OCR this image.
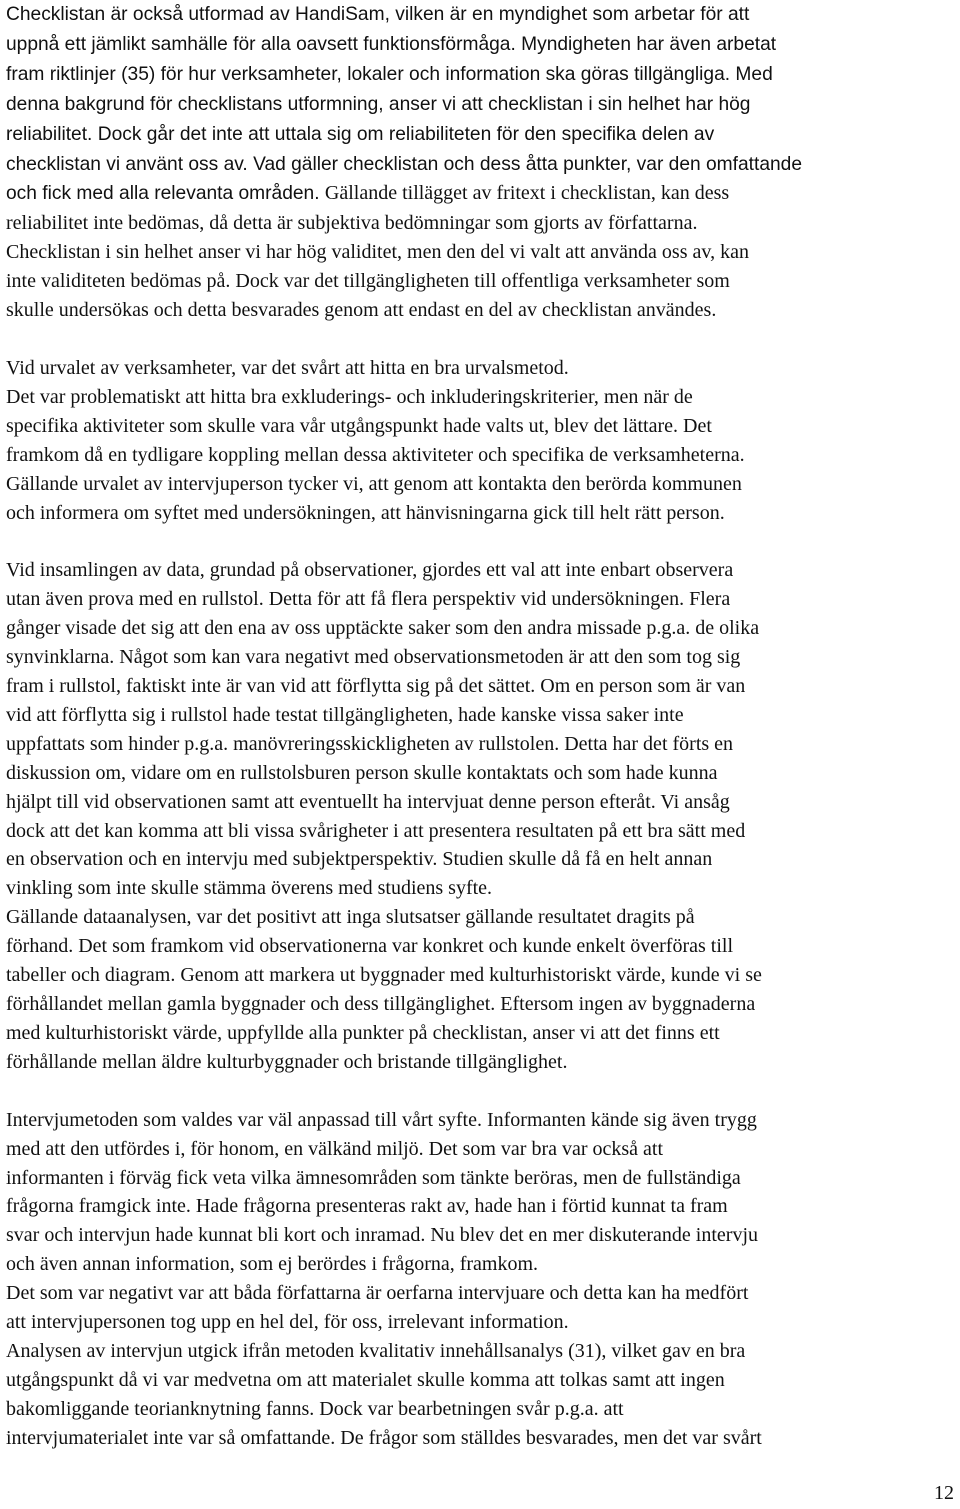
Checklistan är också utformad av HandiSam, vilken är en myndighet som arbetar för att
uppnå ett jämlikt samhälle för alla oavsett funktionsförmåga. Myndigheten har även arbetat
fram riktlinjer (35) för hur verksamheter, lokaler och information ska göras tillgängliga. Med
denna bakgrund för checklistans utformning, anser vi att checklistan i sin helhet har hög
reliabilitet. Dock går det inte att uttala sig om reliabiliteten för den specifika delen av
checklistan vi använt oss av. Vad gäller checklistan och dess åtta punkter, var den omfattande
och fick med alla relevanta områden. Gällande tillägget av fritext i checklistan, kan dess
reliabilitet inte bedömas, då detta är subjektiva bedömningar som gjorts av författarna.
Checklistan i sin helhet anser vi har hög validitet, men den del vi valt att använda oss av, kan
inte validiteten bedömas på. Dock var det tillgängligheten till offentliga verksamheter som
skulle undersökas och detta besvarades genom att endast en del av checklistan användes.

Vid urvalet av verksamheter, var det svårt att hitta en bra urvalsmetod.
Det var problematiskt att hitta bra exkluderings- och inkluderingskriterier, men när de
specifika aktiviteter som skulle vara vår utgångspunkt hade valts ut, blev det lättare. Det
framkom då en tydligare koppling mellan dessa aktiviteter och specifika de verksamheterna.
Gällande urvalet av intervjuperson tycker vi, att genom att kontakta den berörda kommunen
och informera om syftet med undersökningen, att hänvisningarna gick till helt rätt person.

Vid insamlingen av data, grundad på observationer, gjordes ett val att inte enbart observera
utan även prova med en rullstol. Detta för att få flera perspektiv vid undersökningen. Flera
gånger visade det sig att den ena av oss upptäckte saker som den andra missade p.g.a. de olika
synvinklarna. Något som kan vara negativt med observationsmetoden är att den som tog sig
fram i rullstol, faktiskt inte är van vid att förflytta sig på det sättet. Om en person som är van
vid att förflytta sig i rullstol hade testat tillgängligheten, hade kanske vissa saker inte
uppfattats som hinder p.g.a. manövreringsskickligheten av rullstolen. Detta har det förts en
diskussion om, vidare om en rullstolsburen person skulle kontaktats och som hade kunna
hjälpt till vid observationen samt att eventuellt ha intervjuat denne person efteråt. Vi ansåg
dock att det kan komma att bli vissa svårigheter i att presentera resultaten på ett bra sätt med
en observation och en intervju med subjektperspektiv. Studien skulle då få en helt annan
vinkling som inte skulle stämma överens med studiens syfte.
Gällande dataanalysen, var det positivt att inga slutsatser gällande resultatet dragits på
förhand. Det som framkom vid observationerna var konkret och kunde enkelt överföras till
tabeller och diagram. Genom att markera ut byggnader med kulturhistoriskt värde, kunde vi se
förhållandet mellan gamla byggnader och dess tillgänglighet. Eftersom ingen av byggnaderna
med kulturhistoriskt värde, uppfyllde alla punkter på checklistan, anser vi att det finns ett
förhållande mellan äldre kulturbyggnader och bristande tillgänglighet.

Intervjumetoden som valdes var väl anpassad till vårt syfte. Informanten kände sig även trygg
med att den utfördes i, för honom, en välkänd miljö. Det som var bra var också att
informanten i förväg fick veta vilka ämnesområden som tänkte beröras, men de fullständiga
frågorna framgick inte. Hade frågorna presenteras rakt av, hade han i förtid kunnat ta fram
svar och intervjun hade kunnat bli kort och inramad. Nu blev det en mer diskuterande intervju
och även annan information, som ej berördes i frågorna, framkom.
Det som var negativt var att båda författarna är oerfarna intervjuare och detta kan ha medfört
att intervjupersonen tog upp en hel del, för oss, irrelevant information.
Analysen av intervjun utgick ifrån metoden kvalitativ innehållsanalys (31), vilket gav en bra
utgångspunkt då vi var medvetna om att materialet skulle komma att tolkas samt att ingen
bakomliggande teorianknytning fanns. Dock var bearbetningen svår p.g.a. att
intervjumaterialet inte var så omfattande. De frågor som ställdes besvarades, men det var svårt

12
